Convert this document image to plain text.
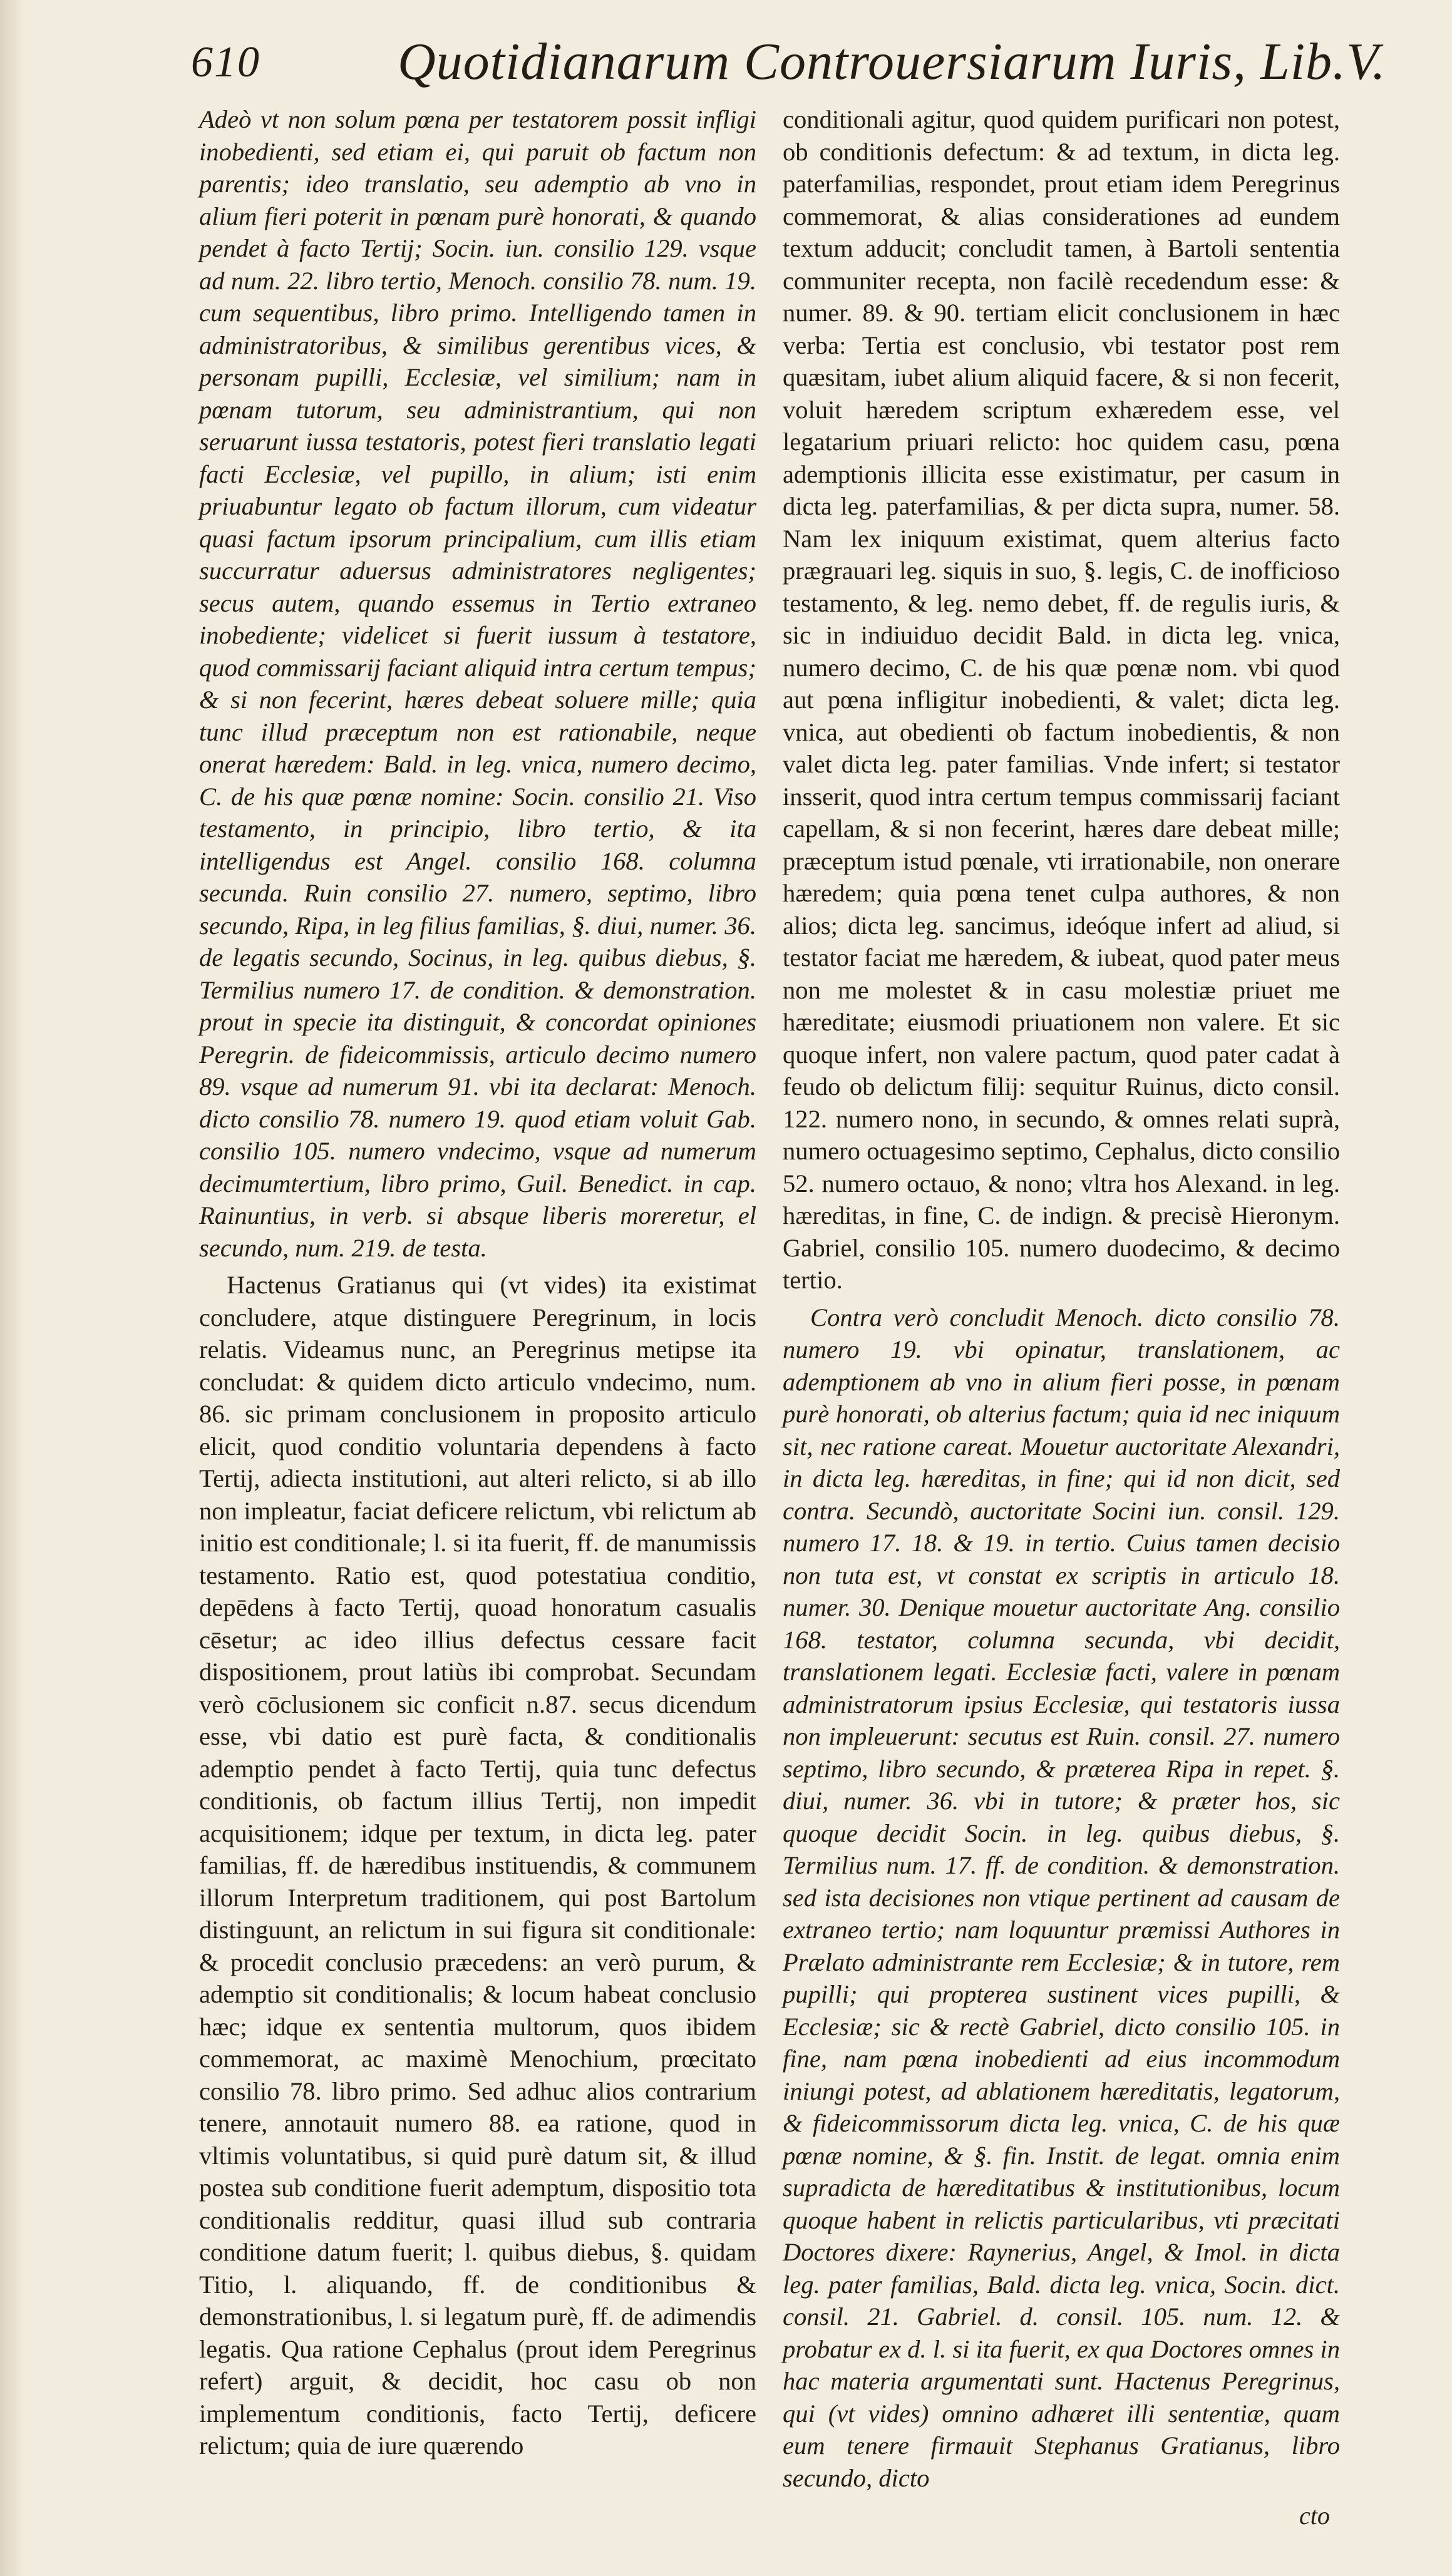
610	Quotidianarum Controuersiarum Iuris, Lib.V.

Adeò vt non solum pœna per testatorem possit infligi inobedienti, sed etiam ei, qui paruit ob factum non parentis; ideo translatio, seu ademptio ab vno in alium fieri poterit in pœnam purè honorati, & quando pendet à facto Tertij; Socin. iun. consilio 129. vsque ad num. 22. libro tertio, Menoch. consilio 78. num. 19. cum sequentibus, libro primo. Intelligendo tamen in administratoribus, & similibus gerentibus vices, & personam pupilli, Ecclesiæ, vel similium; nam in pœnam tutorum, seu administrantium, qui non seruarunt iussa testatoris, potest fieri translatio legati facti Ecclesiæ, vel pupillo, in alium; isti enim priuabuntur legato ob factum illorum, cum videatur quasi factum ipsorum principalium, cum illis etiam succurratur aduersus administratores negligentes; secus autem, quando essemus in Tertio extraneo inobediente; videlicet si fuerit iussum à testatore, quod commissarij faciant aliquid intra certum tempus; & si non fecerint, hæres debeat soluere mille; quia tunc illud præceptum non est rationabile, neque onerat hæredem: Bald. in leg. vnica, numero decimo, C. de his quæ pœnæ nomine: Socin. consilio 21. Viso testamento, in principio, libro tertio, & ita intelligendus est Angel. consilio 168. columna secunda. Ruin consilio 27. numero, septimo, libro secundo, Ripa, in leg filius familias, §. diui, numer. 36. de legatis secundo, Socinus, in leg. quibus diebus, §. Termilius numero 17. de condition. & demonstration. prout in specie ita distinguit, & concordat opiniones Peregrin. de fideicommissis, articulo decimo numero 89. vsque ad numerum 91. vbi ita declarat: Menoch. dicto consilio 78. numero 19. quod etiam voluit Gab. consilio 105. numero vndecimo, vsque ad numerum decimumtertium, libro primo, Guil. Benedict. in cap. Rainuntius, in verb. si absque liberis moreretur, el secundo, num. 219. de testa.

Hactenus Gratianus qui (vt vides) ita existimat concludere, atque distinguere Peregrinum, in locis relatis. Videamus nunc, an Peregrinus metipse ita concludat: & quidem dicto articulo vndecimo, num. 86. sic primam conclusionem in proposito articulo elicit, quod conditio voluntaria dependens à facto Tertij, adiecta institutioni, aut alteri relicto, si ab illo non impleatur, faciat deficere relictum, vbi relictum ab initio est conditionale; l. si ita fuerit, ff. de manumissis testamento. Ratio est, quod potestatiua conditio, depēdens à facto Tertij, quoad honoratum casualis cēsetur; ac ideo illius defectus cessare facit dispositionem, prout latiùs ibi comprobat. Secundam verò cōclusionem sic conficit n.87. secus dicendum esse, vbi datio est purè facta, & conditionalis ademptio pendet à facto Tertij, quia tunc defectus conditionis, ob factum illius Tertij, non impedit acquisitionem; idque per textum, in dicta leg. pater familias, ff. de hæredibus instituendis, & communem illorum Interpretum traditionem, qui post Bartolum distinguunt, an relictum in sui figura sit conditionale: & procedit conclusio præcedens: an verò purum, & ademptio sit conditionalis; & locum habeat conclusio hæc; idque ex sententia multorum, quos ibidem commemorat, ac maximè Menochium, prœcitato consilio 78. libro primo. Sed adhuc alios contrarium tenere, annotauit numero 88. ea ratione, quod in vltimis voluntatibus, si quid purè datum sit, & illud postea sub conditione fuerit ademptum, dispositio tota conditionalis redditur, quasi illud sub contraria conditione datum fuerit; l. quibus diebus, §. quidam Titio, l. aliquando, ff. de conditionibus & demonstrationibus, l. si legatum purè, ff. de adimendis legatis. Qua ratione Cephalus (prout idem Peregrinus refert) arguit, & decidit, hoc casu ob non implementum conditionis, facto Tertij, deficere relictum; quia de iure quærendo

conditionali agitur, quod quidem purificari non potest, ob conditionis defectum: & ad textum, in dicta leg. paterfamilias, respondet, prout etiam idem Peregrinus commemorat, & alias considerationes ad eundem textum adducit; concludit tamen, à Bartoli sententia communiter recepta, non facilè recedendum esse: & numer. 89. & 90. tertiam elicit conclusionem in hæc verba: Tertia est conclusio, vbi testator post rem quæsitam, iubet alium aliquid facere, & si non fecerit, voluit hæredem scriptum exhæredem esse, vel legatarium priuari relicto: hoc quidem casu, pœna ademptionis illicita esse existimatur, per casum in dicta leg. paterfamilias, & per dicta supra, numer. 58. Nam lex iniquum existimat, quem alterius facto prægrauari leg. siquis in suo, §. legis, C. de inofficioso testamento, & leg. nemo debet, ff. de regulis iuris, & sic in indiuiduo decidit Bald. in dicta leg. vnica, numero decimo, C. de his quæ pœnæ nom. vbi quod aut pœna infligitur inobedienti, & valet; dicta leg. vnica, aut obedienti ob factum inobedientis, & non valet dicta leg. pater familias. Vnde infert; si testator insserit, quod intra certum tempus commissarij faciant capellam, & si non fecerint, hæres dare debeat mille; præceptum istud pœnale, vti irrationabile, non onerare hæredem; quia pœna tenet culpa authores, & non alios; dicta leg. sancimus, ideóque infert ad aliud, si testator faciat me hæredem, & iubeat, quod pater meus non me molestet & in casu molestiæ priuet me hæreditate; eiusmodi priuationem non valere. Et sic quoque infert, non valere pactum, quod pater cadat à feudo ob delictum filij: sequitur Ruinus, dicto consil. 122. numero nono, in secundo, & omnes relati suprà, numero octuagesimo septimo, Cephalus, dicto consilio 52. numero octauo, & nono; vltra hos Alexand. in leg. hæreditas, in fine, C. de indign. & precisè Hieronym. Gabriel, consilio 105. numero duodecimo, & decimo tertio.

Contra verò concludit Menoch. dicto consilio 78. numero 19. vbi opinatur, translationem, ac ademptionem ab vno in alium fieri posse, in pœnam purè honorati, ob alterius factum; quia id nec iniquum sit, nec ratione careat. Mouetur auctoritate Alexandri, in dicta leg. hæreditas, in fine; qui id non dicit, sed contra. Secundò, auctoritate Socini iun. consil. 129. numero 17. 18. & 19. in tertio. Cuius tamen decisio non tuta est, vt constat ex scriptis in articulo 18. numer. 30. Denique mouetur auctoritate Ang. consilio 168. testator, columna secunda, vbi decidit, translationem legati. Ecclesiæ facti, valere in pœnam administratorum ipsius Ecclesiæ, qui testatoris iussa non impleuerunt: secutus est Ruin. consil. 27. numero septimo, libro secundo, & præterea Ripa in repet. §. diui, numer. 36. vbi in tutore; & præter hos, sic quoque decidit Socin. in leg. quibus diebus, §. Termilius num. 17. ff. de condition. & demonstration. sed ista decisiones non vtique pertinent ad causam de extraneo tertio; nam loquuntur præmissi Authores in Prælato administrante rem Ecclesiæ; & in tutore, rem pupilli; qui propterea sustinent vices pupilli, & Ecclesiæ; sic & rectè Gabriel, dicto consilio 105. in fine, nam pœna inobedienti ad eius incommodum iniungi potest, ad ablationem hæreditatis, legatorum, & fideicommissorum dicta leg. vnica, C. de his quæ pœnæ nomine, & §. fin. Instit. de legat. omnia enim supradicta de hæreditatibus & institutionibus, locum quoque habent in relictis particularibus, vti præcitati Doctores dixere: Raynerius, Angel, & Imol. in dicta leg. pater familias, Bald. dicta leg. vnica, Socin. dict. consil. 21. Gabriel. d. consil. 105. num. 12. & probatur ex d. l. si ita fuerit, ex qua Doctores omnes in hac materia argumentati sunt. Hactenus Peregrinus, qui (vt vides) omnino adhæret illi sententiæ, quam eum tenere firmauit Stephanus Gratianus, libro secundo, dicto

cto
